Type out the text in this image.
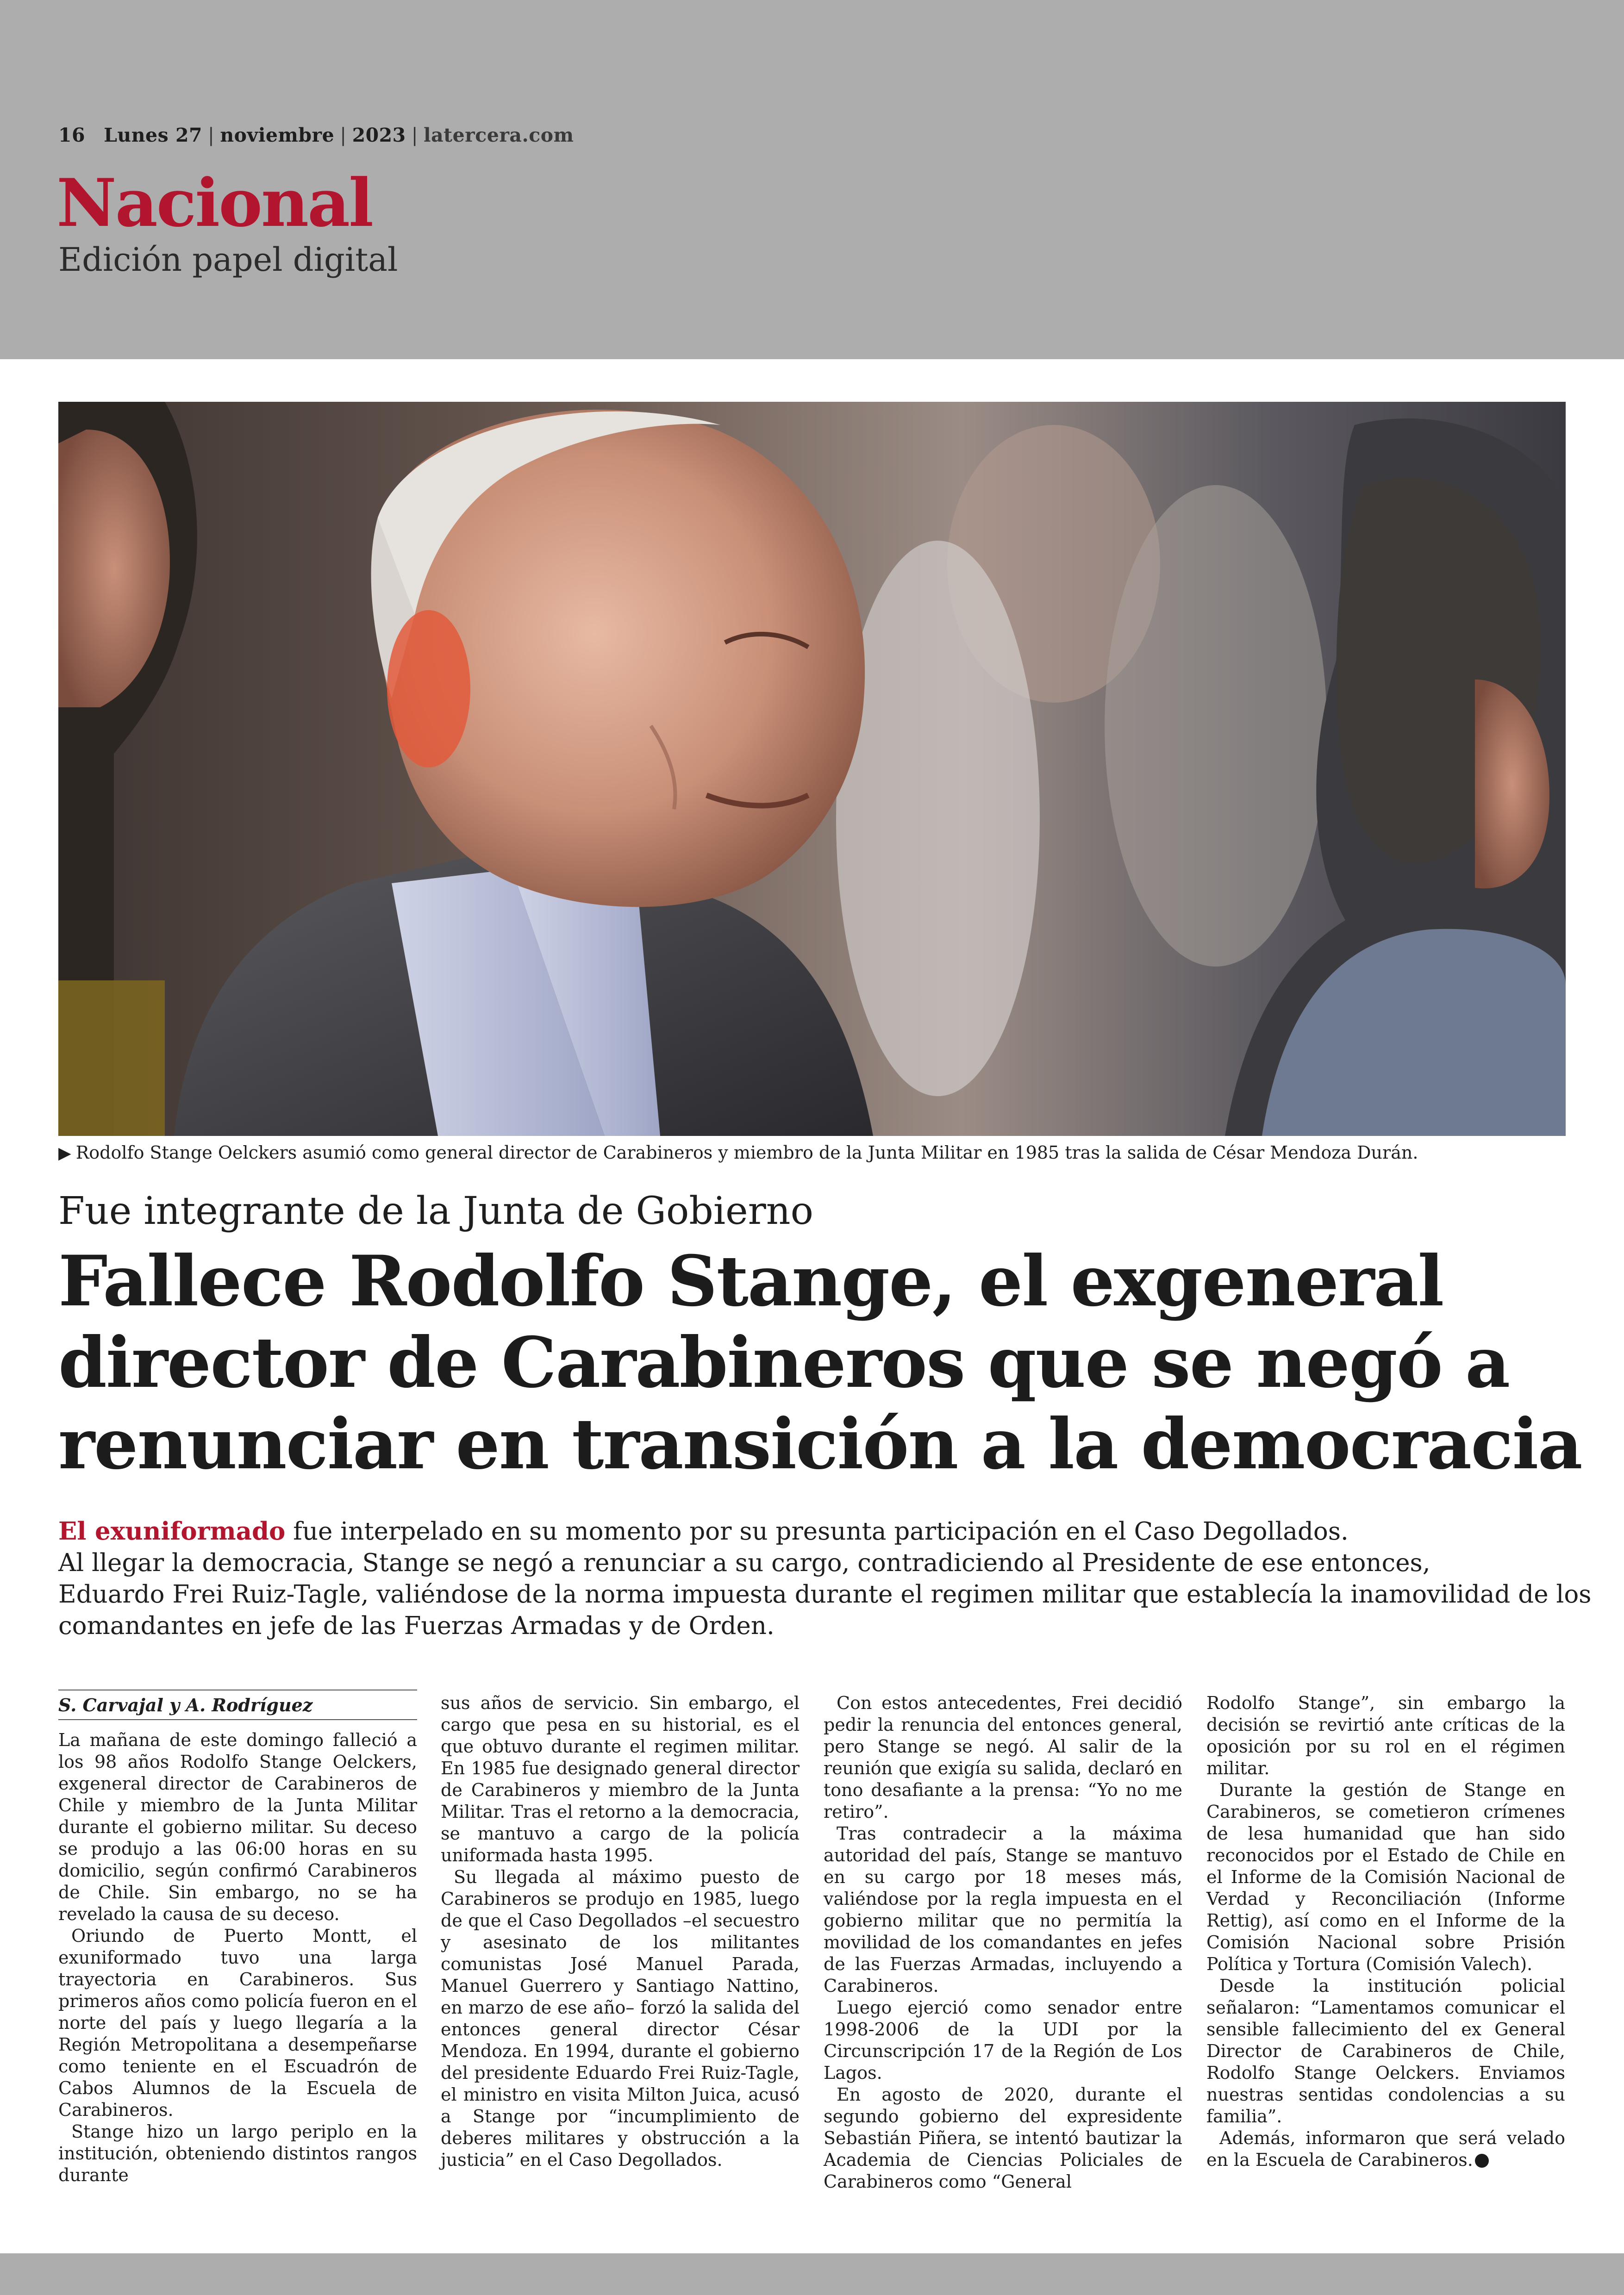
16 Lunes 27 | noviembre | 2023 | latercera.com
Nacional
Edición papel digital
▶ Rodolfo Stange Oelckers asumió como general director de Carabineros y miembro de la Junta Militar en 1985 tras la salida de César Mendoza Durán.
Fue integrante de la Junta de Gobierno
Fallece Rodolfo Stange, el exgeneral
director de Carabineros que se negó a
renunciar en transición a la democracia
El exuniformado fue interpelado en su momento por su presunta participación en el Caso Degollados.
Al llegar la democracia, Stange se negó a renunciar a su cargo, contradiciendo al Presidente de ese entonces,
Eduardo Frei Ruiz-Tagle, valiéndose de la norma impuesta durante el regimen militar que establecía la inamovilidad de los
comandantes en jefe de las Fuerzas Armadas y de Orden.

S. Carvajal y A. Rodríguez

La mañana de este domingo falleció a los 98 años Rodolfo Stange Oelckers, exgeneral director de Carabineros de Chile y miembro de la Junta Militar durante el gobierno militar. Su deceso se produjo a las 06:00 horas en su domicilio, según confirmó Carabineros de Chile. Sin embargo, no se ha revelado la causa de su deceso.

Oriundo de Puerto Montt, el exuniformado tuvo una larga trayectoria en Carabineros. Sus primeros años como policía fueron en el norte del país y luego llegaría a la Región Metropolitana a desempeñarse como teniente en el Escuadrón de Cabos Alumnos de la Escuela de Carabineros.

Stange hizo un largo periplo en la institución, obteniendo distintos rangos durante

sus años de servicio. Sin embargo, el cargo que pesa en su historial, es el que obtuvo durante el regimen militar. En 1985 fue designado general director de Carabineros y miembro de la Junta Militar. Tras el retorno a la democracia, se mantuvo a cargo de la policía uniformada hasta 1995.

Su llegada al máximo puesto de Carabineros se produjo en 1985, luego de que el Caso Degollados –el secuestro y asesinato de los militantes comunistas José Manuel Parada, Manuel Guerrero y Santiago Nattino, en marzo de ese año– forzó la salida del entonces general director César Mendoza. En 1994, durante el gobierno del presidente Eduardo Frei Ruiz-Tagle, el ministro en visita Milton Juica, acusó a Stange por “incumplimiento de deberes militares y obstrucción a la justicia” en el Caso Degollados.

Con estos antecedentes, Frei decidió pedir la renuncia del entonces general, pero Stange se negó. Al salir de la reunión que exigía su salida, declaró en tono desafiante a la prensa: “Yo no me retiro”.

Tras contradecir a la máxima autoridad del país, Stange se mantuvo en su cargo por 18 meses más, valiéndose por la regla impuesta en el gobierno militar que no permitía la movilidad de los comandantes en jefes de las Fuerzas Armadas, incluyendo a Carabineros.

Luego ejerció como senador entre 1998-2006 de la UDI por la Circunscripción 17 de la Región de Los Lagos.

En agosto de 2020, durante el segundo gobierno del expresidente Sebastián Piñera, se intentó bautizar la Academia de Ciencias Policiales de Carabineros como “General

Rodolfo Stange”, sin embargo la decisión se revirtió ante críticas de la oposición por su rol en el régimen militar.

Durante la gestión de Stange en Carabineros, se cometieron crímenes de lesa humanidad que han sido reconocidos por el Estado de Chile en el Informe de la Comisión Nacional de Verdad y Reconciliación (Informe Rettig), así como en el Informe de la Comisión Nacional sobre Prisión Política y Tortura (Comisión Valech).

Desde la institución policial señalaron: “Lamentamos comunicar el sensible fallecimiento del ex General Director de Carabineros de Chile, Rodolfo Stange Oelckers. Enviamos nuestras sentidas condolencias a su familia”.

Además, informaron que será velado en la Escuela de Carabineros.
